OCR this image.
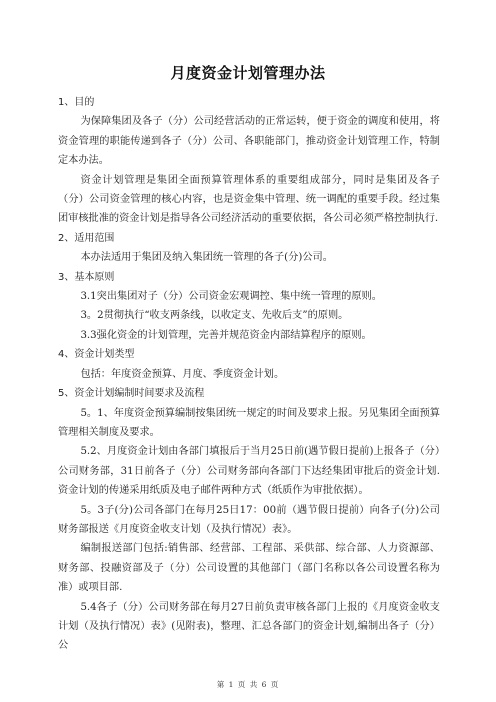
月度资金计划管理办法

1、目的

为保障集团及各子（分）公司经营活动的正常运转，便于资金的调度和使用，将资金管理的职能传递到各子（分）公司、各职能部门，推动资金计划管理工作，特制定本办法。

资金计划管理是集团全面预算管理体系的重要组成部分，同时是集团及各子（分）公司资金管理的核心内容，也是资金集中管理、统一调配的重要手段。经过集团审核批准的资金计划是指导各公司经济活动的重要依据，各公司必须严格控制执行.

2、适用范围

本办法适用于集团及纳入集团统一管理的各子(分)公司。

3、基本原则

3.1突出集团对子（分）公司资金宏观调控、集中统一管理的原则。

3。2贯彻执行“收支两条线，以收定支、先收后支”的原则。

3.3强化资金的计划管理，完善并规范资金内部结算程序的原则。

4、资金计划类型

包括：年度资金预算、月度、季度资金计划。

5、资金计划编制时间要求及流程

5。1、年度资金预算编制按集团统一规定的时间及要求上报。另见集团全面预算管理相关制度及要求。

5.2、月度资金计划由各部门填报后于当月25日前(遇节假日提前)上报各子（分）公司财务部，31日前各子（分）公司财务部向各部门下达经集团审批后的资金计划.资金计划的传递采用纸质及电子邮件两种方式（纸质作为审批依据）。

5。3子(分)公司各部门在每月25日17：00前（遇节假日提前）向各子(分)公司财务部报送《月度资金收支计划（及执行情况）表》。

编制报送部门包括:销售部、经营部、工程部、采供部、综合部、人力资源部、财务部、投融资部及子（分）公司设置的其他部门（部门名称以各公司设置名称为准）或项目部.

5.4各子（分）公司财务部在每月27日前负责审核各部门上报的《月度资金收支计划（及执行情况）表》(见附表)，整理、汇总各部门的资金计划,编制出各子（分）公

第 1 页 共 6 页
